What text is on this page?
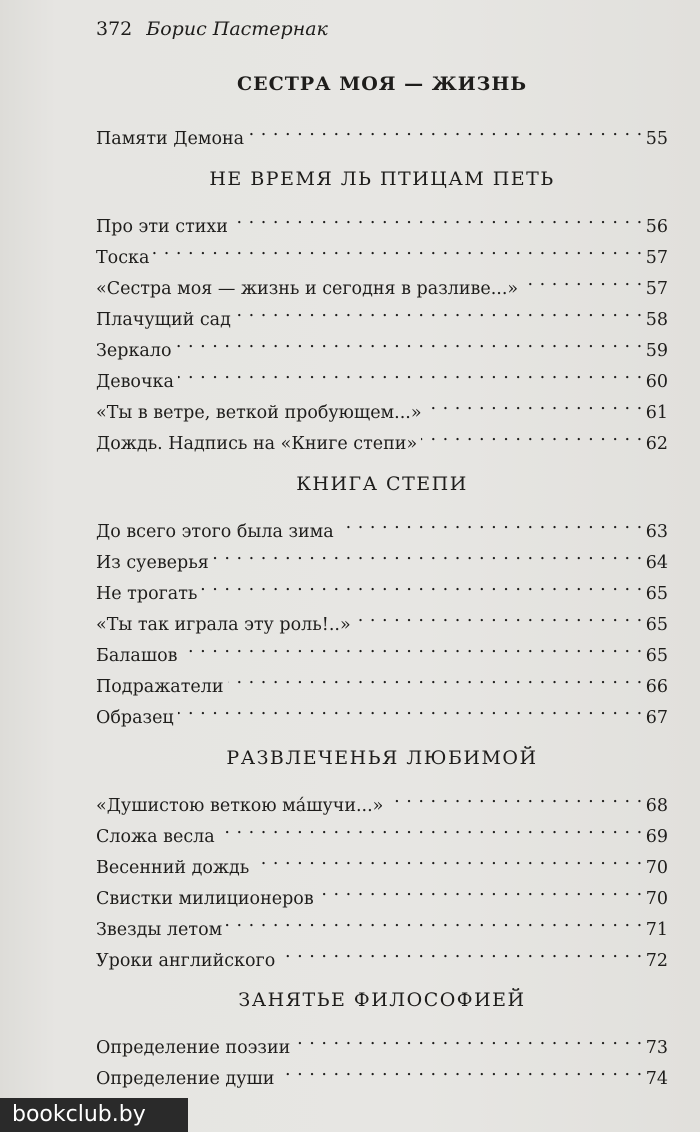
372 Борис Пастернак
СЕСТРА МОЯ — ЖИЗНЬ
Памяти Демона . . .	55
НЕ ВРЕМЯ ЛЬ ПТИЦАМ ПЕТЬ
Про эти стихи . . .	56
Тоска . . .	57
«Сестра моя — жизнь и сегодня в разливе...» . . .	57
Плачущий сад . . .	58
Зеркало . . .	59
Девочка . . .	60
«Ты в ветре, веткой пробующем...» . . .	61
Дождь. Надпись на «Книге степи» . . .	62
КНИГА СТЕПИ
До всего этого была зима . . .	63
Из суеверья . . .	64
Не трогать . . .	65
«Ты так играла эту роль!..» . . .	65
Балашов . . .	65
Подражатели . . .	66
Образец . . .	67
РАЗВЛЕЧЕНЬЯ ЛЮБИМОЙ
«Душистою веткою ма́шучи...» . . .	68
Сложа весла . . .	69
Весенний дождь . . .	70
Свистки милиционеров . . .	70
Звезды летом . . .	71
Уроки английского . . .	72
ЗАНЯТЬЕ ФИЛОСОФИЕЙ
Определение поэзии . . .	73
Определение души . . .	74
bookclub.by
